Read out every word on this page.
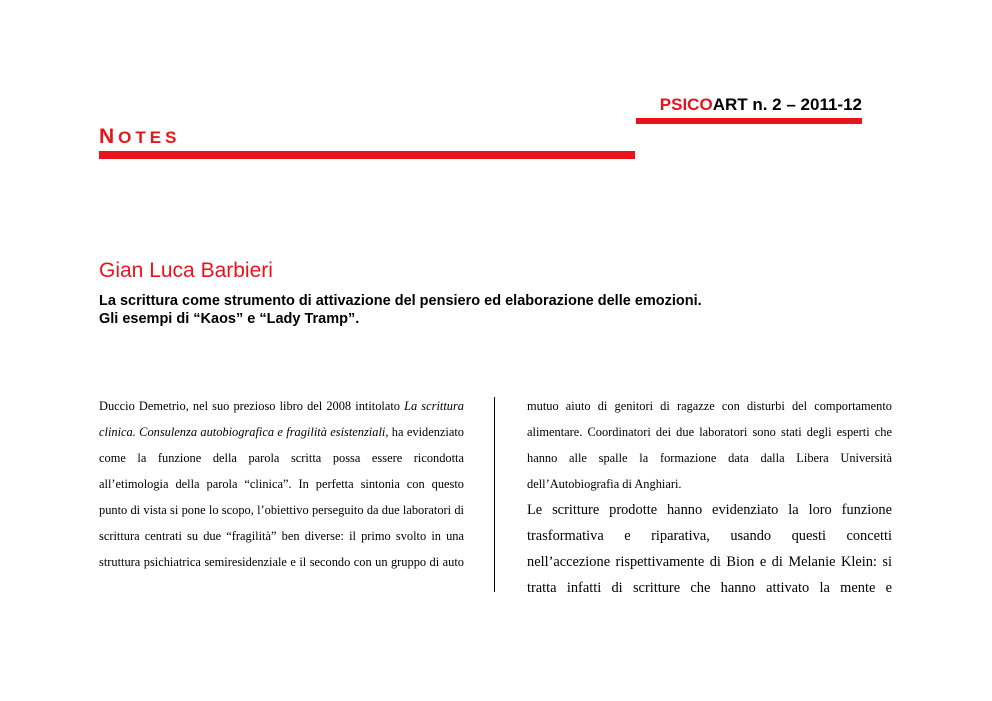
PSICOART n. 2 – 2011-12
NOTES
Gian Luca Barbieri
La scrittura come strumento di attivazione del pensiero ed elaborazione delle emozioni.
Gli esempi di “Kaos” e “Lady Tramp”.

Duccio Demetrio, nel suo prezioso libro del 2008 intitolato La scrittura clinica. Consulenza autobiografica e fragilità esistenziali, ha evidenziato come la funzione della parola scritta possa essere ricondotta all’etimologia della parola “clinica”. In perfetta sintonia con questo punto di vista si pone lo scopo, l’obiettivo perseguito da due laboratori di scrittura centrati su due “fragilità” ben diverse: il primo svolto in una struttura psichiatrica semiresidenziale e il secondo con un gruppo di auto

mutuo aiuto di genitori di ragazze con disturbi del comportamento alimentare. Coordinatori dei due laboratori sono stati degli esperti che hanno alle spalle la formazione data dalla Libera Università dell’Autobiografia di Anghiari.

Le scritture prodotte hanno evidenziato la loro funzione trasformativa e riparativa, usando questi concetti nell’accezione rispettivamente di Bion e di Melanie Klein: si tratta infatti di scritture che hanno attivato la mente e
